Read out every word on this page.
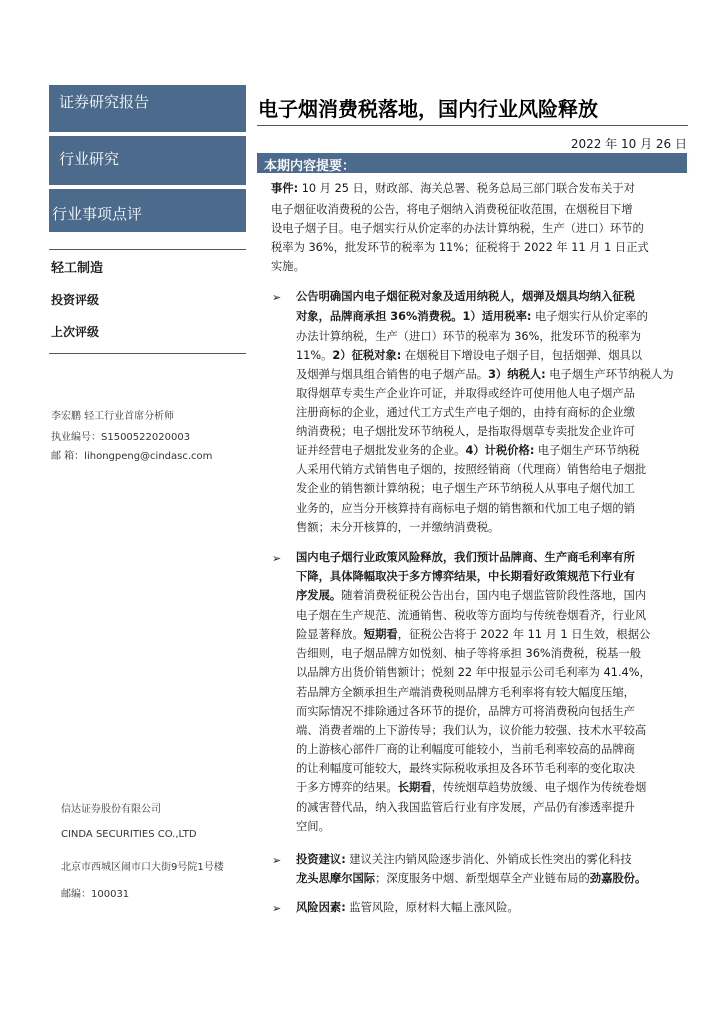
证券研究报告
行业研究
行业事项点评
轻工制造
投资评级
上次评级
李宏鹏 轻工行业首席分析师
执业编号：S1500522020003
邮 箱：lihongpeng@cindasc.com
信达证券股份有限公司
CINDA SECURITIES CO.,LTD
北京市西城区闹市口大街9号院1号楼
邮编：100031
电子烟消费税落地，国内行业风险释放
2022 年 10 月 26 日
本期内容提要：
事件: 10 月 25 日，财政部、海关总署、税务总局三部门联合发布关于对
电子烟征收消费税的公告，将电子烟纳入消费税征收范围，在烟税目下增
设电子烟子目。电子烟实行从价定率的办法计算纳税，生产（进口）环节的
税率为 36%，批发环节的税率为 11%；征税将于 2022 年 11 月 1 日正式
实施。
➢ 公告明确国内电子烟征税对象及适用纳税人，烟弹及烟具均纳入征税
对象，品牌商承担 36%消费税。1）适用税率: 电子烟实行从价定率的
办法计算纳税，生产（进口）环节的税率为 36%，批发环节的税率为
11%。2）征税对象: 在烟税目下增设电子烟子目，包括烟弹、烟具以
及烟弹与烟具组合销售的电子烟产品。3）纳税人: 电子烟生产环节纳税人为
取得烟草专卖生产企业许可证，并取得或经许可使用他人电子烟产品
注册商标的企业，通过代工方式生产电子烟的，由持有商标的企业缴
纳消费税；电子烟批发环节纳税人，是指取得烟草专卖批发企业许可
证并经营电子烟批发业务的企业。4）计税价格: 电子烟生产环节纳税
人采用代销方式销售电子烟的，按照经销商（代理商）销售给电子烟批
发企业的销售额计算纳税；电子烟生产环节纳税人从事电子烟代加工
业务的，应当分开核算持有商标电子烟的销售额和代加工电子烟的销
售额；未分开核算的，一并缴纳消费税。
➢ 国内电子烟行业政策风险释放，我们预计品牌商、生产商毛利率有所
下降，具体降幅取决于多方博弈结果，中长期看好政策规范下行业有
序发展。随着消费税征税公告出台，国内电子烟监管阶段性落地，国内
电子烟在生产规范、流通销售、税收等方面均与传统卷烟看齐，行业风
险显著释放。短期看，征税公告将于 2022 年 11 月 1 日生效，根据公
告细则，电子烟品牌方如悦刻、柚子等将承担 36%消费税，税基一般
以品牌方出货价销售额计；悦刻 22 年中报显示公司毛利率为 41.4%，
若品牌方全额承担生产端消费税则品牌方毛利率将有较大幅度压缩，
而实际情况不排除通过各环节的提价，品牌方可将消费税向包括生产
端、消费者端的上下游传导；我们认为，议价能力较强、技术水平较高
的上游核心部件厂商的让利幅度可能较小，当前毛利率较高的品牌商
的让利幅度可能较大，最终实际税收承担及各环节毛利率的变化取决
于多方博弈的结果。长期看，传统烟草趋势放缓、电子烟作为传统卷烟
的减害替代品，纳入我国监管后行业有序发展，产品仍有渗透率提升
空间。
➢ 投资建议: 建议关注内销风险逐步消化、外销成长性突出的雾化科技
龙头思摩尔国际；深度服务中烟、新型烟草全产业链布局的劲嘉股份。
➢ 风险因素: 监管风险，原材料大幅上涨风险。
